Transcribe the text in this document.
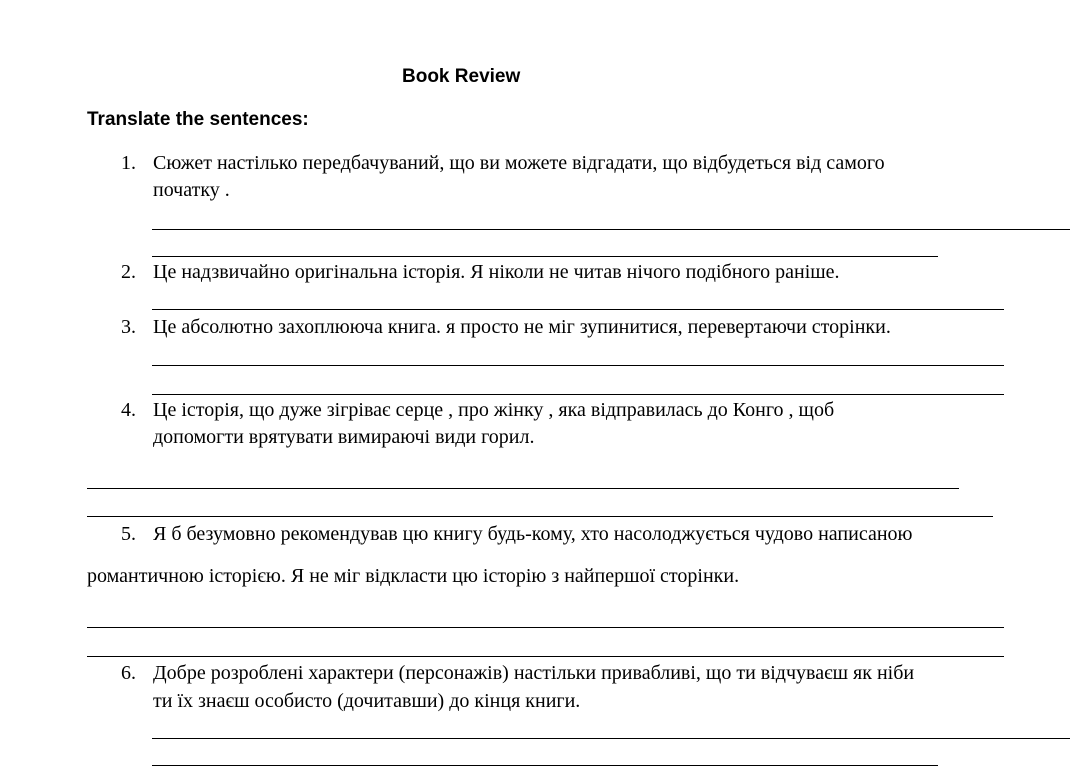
Book Review
Translate the sentences:
1. Сюжет настілько передбачуваний, що ви можете відгадати, що відбудеться від самого
початку .
2. Це надзвичайно оригінальна історія. Я ніколи не читав нічого подібного раніше.
3. Це абсолютно захоплююча книга. я просто не міг зупинитися, перевертаючи сторінки.
4. Це історія, що дуже зігріває серце , про жінку , яка відправилась до Конго , щоб
допомогти врятувати вимираючі види горил.
5. Я б безумовно рекомендував цю книгу будь-кому, хто насолоджується чудово написаною
романтичною історією. Я не міг відкласти цю історію з найпершої сторінки.
6. Добре розроблені характери (персонажів) настільки привабливі, що ти відчуваєш як ніби
ти їх знаєш особисто (дочитавши) до кінця книги.
